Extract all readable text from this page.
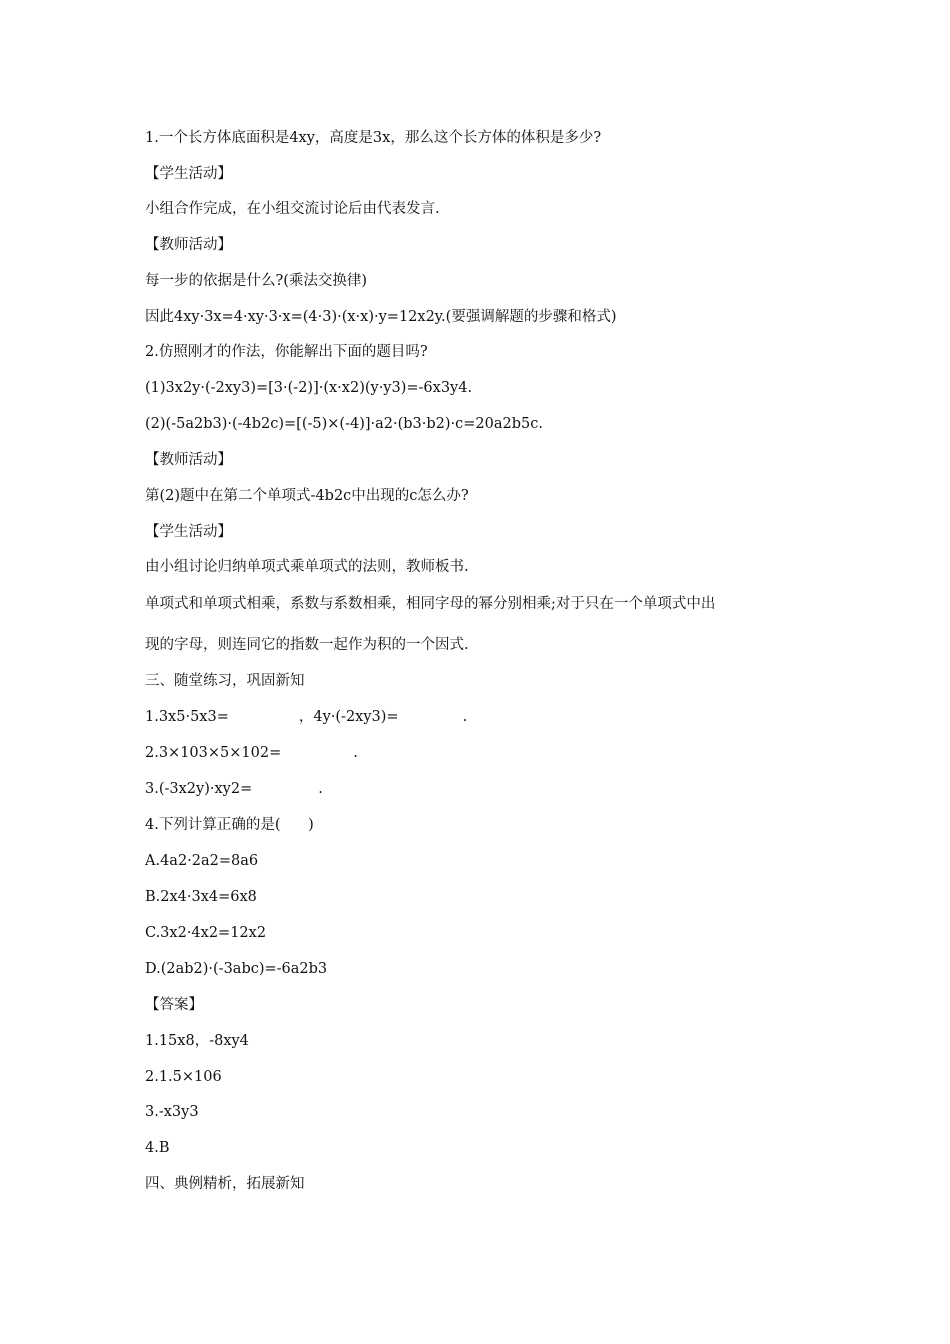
1.一个长方体底面积是4xy，高度是3x，那么这个长方体的体积是多少?
【学生活动】
小组合作完成，在小组交流讨论后由代表发言.
【教师活动】
每一步的依据是什么?(乘法交换律)
因此4xy·3x=4·xy·3·x=(4·3)·(x·x)·y=12x2y.(要强调解题的步骤和格式)
2.仿照刚才的作法，你能解出下面的题目吗?
(1)3x2y·(-2xy3)=[3·(-2)]·(x·x2)(y·y3)=-6x3y4.
(2)(-5a2b3)·(-4b2c)=[(-5)×(-4)]·a2·(b3·b2)·c=20a2b5c.
【教师活动】
第(2)题中在第二个单项式-4b2c中出现的c怎么办?
【学生活动】
由小组讨论归纳单项式乘单项式的法则，教师板书.
单项式和单项式相乘，系数与系数相乘，相同字母的幂分别相乘;对于只在一个单项式中出
现的字母，则连同它的指数一起作为积的一个因式.
三、随堂练习，巩固新知
1.3x5·5x3=	，4y·(-2xy3)=	.
2.3×103×5×102=	.
3.(-3x2y)·xy2=	.
4.下列计算正确的是(      )
A.4a2·2a2=8a6
B.2x4·3x4=6x8
C.3x2·4x2=12x2
D.(2ab2)·(-3abc)=-6a2b3
【答案】
1.15x8，-8xy4
2.1.5×106
3.-x3y3
4.B
四、典例精析，拓展新知
